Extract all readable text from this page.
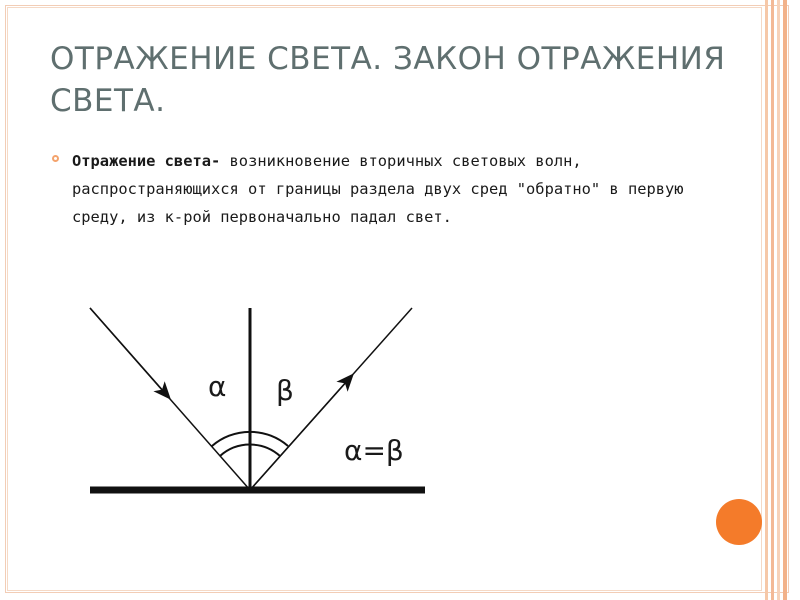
ОТРАЖЕНИЕ СВЕТА. ЗАКОН ОТРАЖЕНИЯ СВЕТА.

Отражение света- возникновение вторичных световых волн, распространяющихся от границы раздела двух сред "обратно" в первую среду, из к-рой первоначально падал свет.

α β
α=β
